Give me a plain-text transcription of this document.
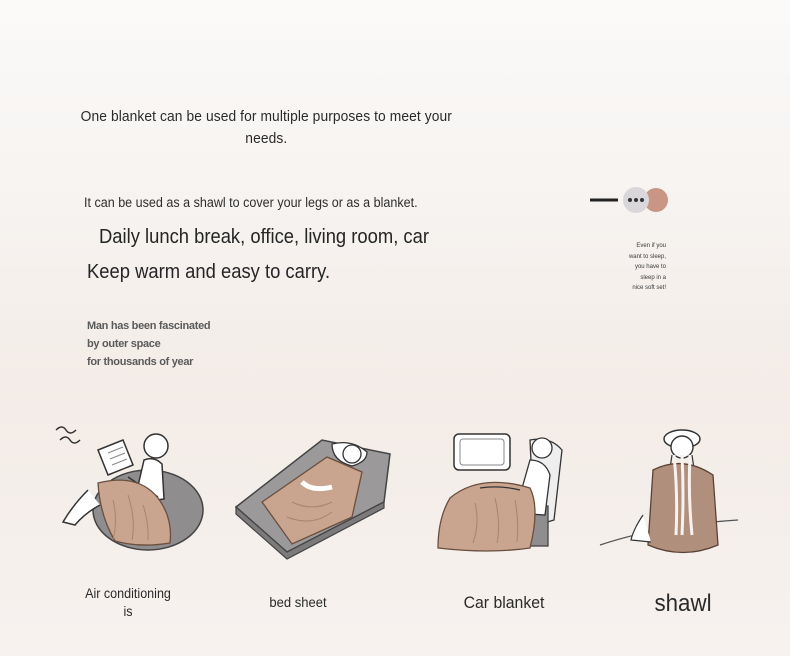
One blanket can be used for multiple purposes to meet your needs.
It can be used as a shawl to cover your legs or as a blanket.
Daily lunch break, office, living room, car
Keep warm and easy to carry.
Man has been fascinated
by outer space
for thousands of year
Even if you
want to sleep,
you have to
sleep in a
nice soft set!
Air conditioning is
bed sheet	Car blanket	shawl
